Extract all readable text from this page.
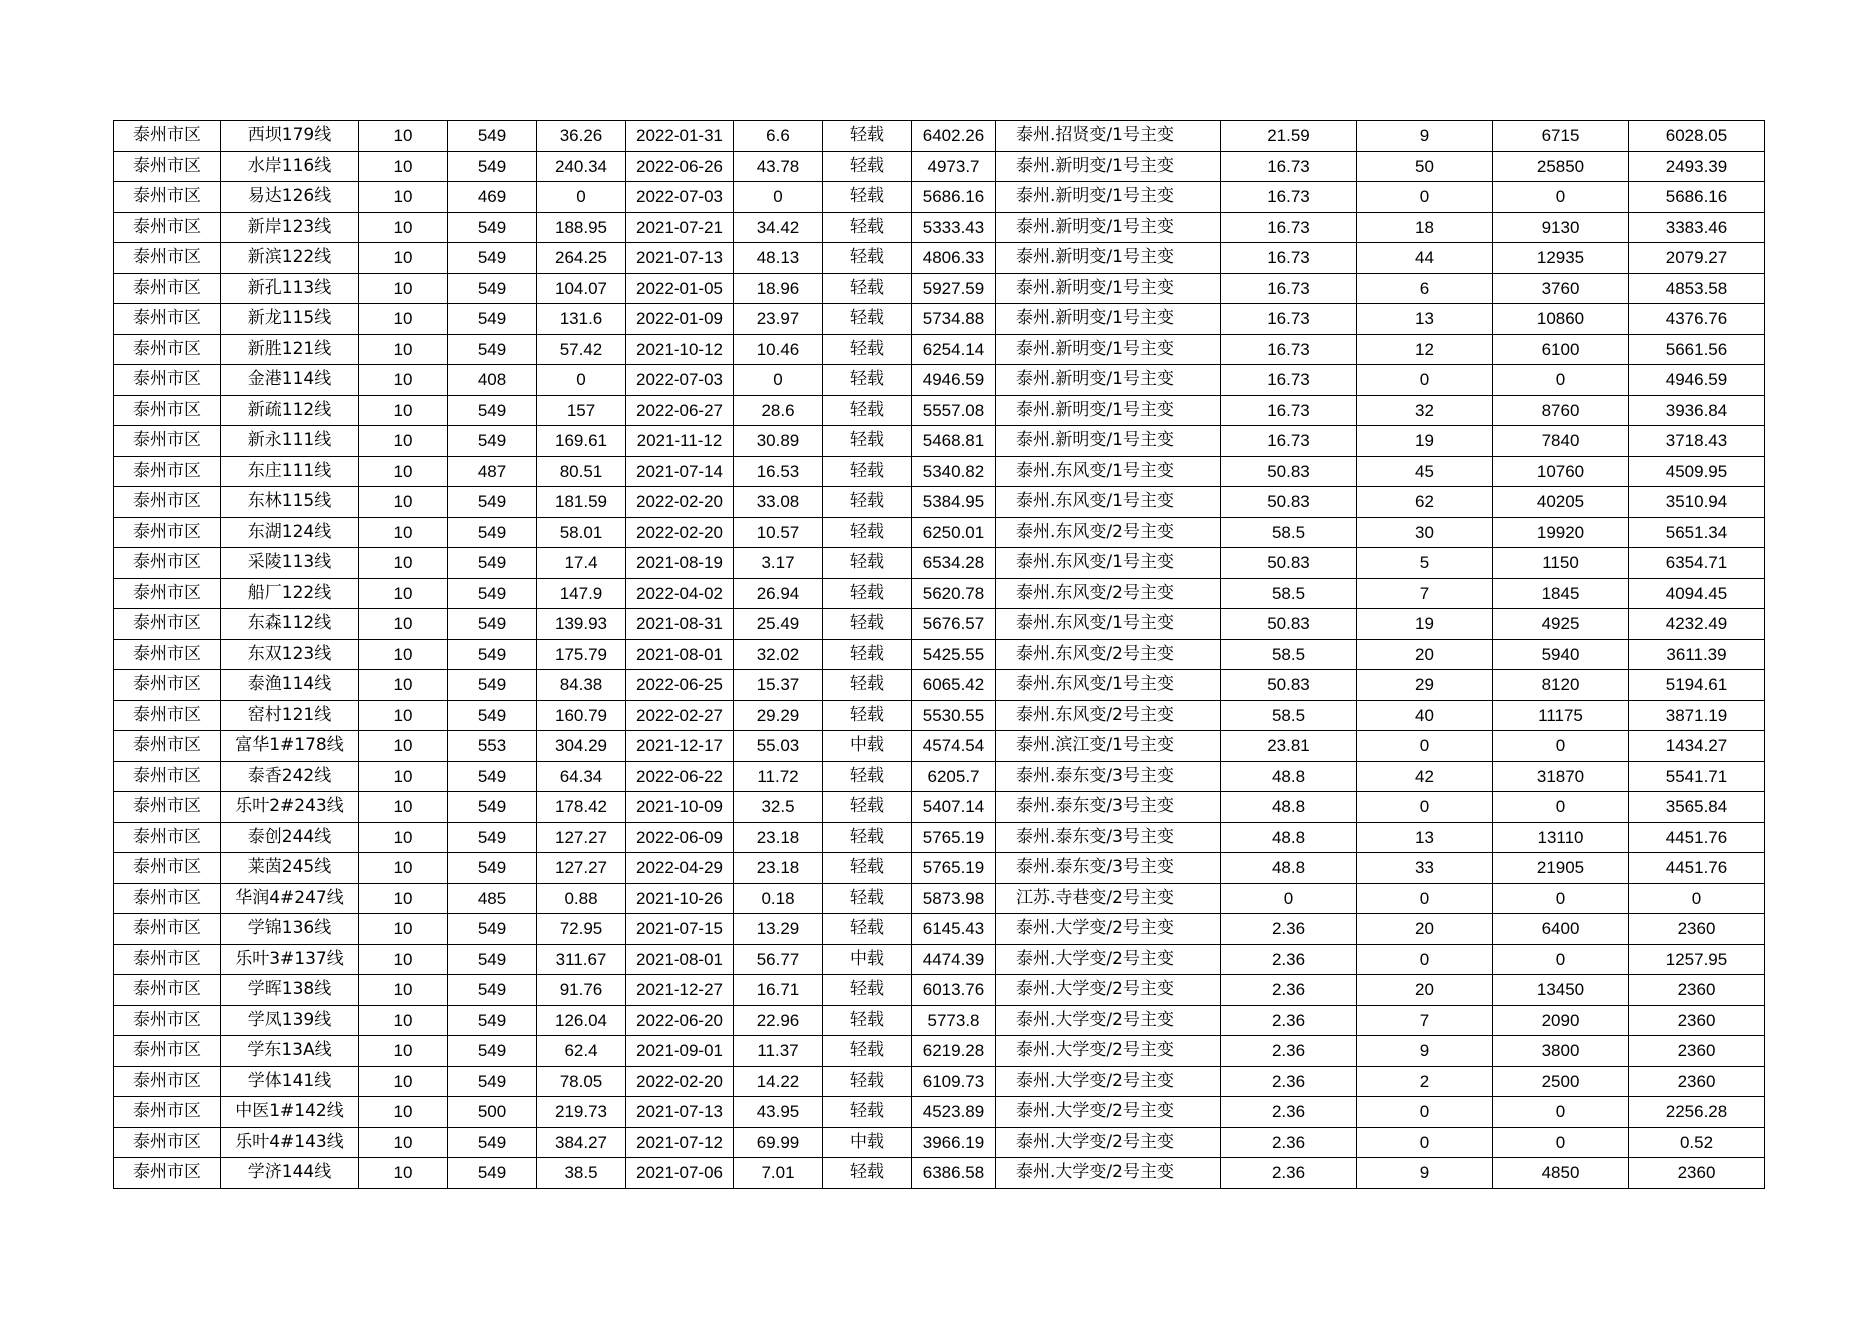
泰州市区	西坝179线	10	549	36.26	2022-01-31	6.6	轻载	6402.26	泰州.招贤变/1号主变	21.59	9	6715	6028.05
泰州市区	水岸116线	10	549	240.34	2022-06-26	43.78	轻载	4973.7	泰州.新明变/1号主变	16.73	50	25850	2493.39
泰州市区	易达126线	10	469	0	2022-07-03	0	轻载	5686.16	泰州.新明变/1号主变	16.73	0	0	5686.16
泰州市区	新岸123线	10	549	188.95	2021-07-21	34.42	轻载	5333.43	泰州.新明变/1号主变	16.73	18	9130	3383.46
泰州市区	新滨122线	10	549	264.25	2021-07-13	48.13	轻载	4806.33	泰州.新明变/1号主变	16.73	44	12935	2079.27
泰州市区	新孔113线	10	549	104.07	2022-01-05	18.96	轻载	5927.59	泰州.新明变/1号主变	16.73	6	3760	4853.58
泰州市区	新龙115线	10	549	131.6	2022-01-09	23.97	轻载	5734.88	泰州.新明变/1号主变	16.73	13	10860	4376.76
泰州市区	新胜121线	10	549	57.42	2021-10-12	10.46	轻载	6254.14	泰州.新明变/1号主变	16.73	12	6100	5661.56
泰州市区	金港114线	10	408	0	2022-07-03	0	轻载	4946.59	泰州.新明变/1号主变	16.73	0	0	4946.59
泰州市区	新疏112线	10	549	157	2022-06-27	28.6	轻载	5557.08	泰州.新明变/1号主变	16.73	32	8760	3936.84
泰州市区	新永111线	10	549	169.61	2021-11-12	30.89	轻载	5468.81	泰州.新明变/1号主变	16.73	19	7840	3718.43
泰州市区	东庄111线	10	487	80.51	2021-07-14	16.53	轻载	5340.82	泰州.东风变/1号主变	50.83	45	10760	4509.95
泰州市区	东林115线	10	549	181.59	2022-02-20	33.08	轻载	5384.95	泰州.东风变/1号主变	50.83	62	40205	3510.94
泰州市区	东湖124线	10	549	58.01	2022-02-20	10.57	轻载	6250.01	泰州.东风变/2号主变	58.5	30	19920	5651.34
泰州市区	采陵113线	10	549	17.4	2021-08-19	3.17	轻载	6534.28	泰州.东风变/1号主变	50.83	5	1150	6354.71
泰州市区	船厂122线	10	549	147.9	2022-04-02	26.94	轻载	5620.78	泰州.东风变/2号主变	58.5	7	1845	4094.45
泰州市区	东森112线	10	549	139.93	2021-08-31	25.49	轻载	5676.57	泰州.东风变/1号主变	50.83	19	4925	4232.49
泰州市区	东双123线	10	549	175.79	2021-08-01	32.02	轻载	5425.55	泰州.东风变/2号主变	58.5	20	5940	3611.39
泰州市区	泰渔114线	10	549	84.38	2022-06-25	15.37	轻载	6065.42	泰州.东风变/1号主变	50.83	29	8120	5194.61
泰州市区	窑村121线	10	549	160.79	2022-02-27	29.29	轻载	5530.55	泰州.东风变/2号主变	58.5	40	11175	3871.19
泰州市区	富华1#178线	10	553	304.29	2021-12-17	55.03	中载	4574.54	泰州.滨江变/1号主变	23.81	0	0	1434.27
泰州市区	泰香242线	10	549	64.34	2022-06-22	11.72	轻载	6205.7	泰州.泰东变/3号主变	48.8	42	31870	5541.71
泰州市区	乐叶2#243线	10	549	178.42	2021-10-09	32.5	轻载	5407.14	泰州.泰东变/3号主变	48.8	0	0	3565.84
泰州市区	泰创244线	10	549	127.27	2022-06-09	23.18	轻载	5765.19	泰州.泰东变/3号主变	48.8	13	13110	4451.76
泰州市区	莱茵245线	10	549	127.27	2022-04-29	23.18	轻载	5765.19	泰州.泰东变/3号主变	48.8	33	21905	4451.76
泰州市区	华润4#247线	10	485	0.88	2021-10-26	0.18	轻载	5873.98	江苏.寺巷变/2号主变	0	0	0	0
泰州市区	学锦136线	10	549	72.95	2021-07-15	13.29	轻载	6145.43	泰州.大学变/2号主变	2.36	20	6400	2360
泰州市区	乐叶3#137线	10	549	311.67	2021-08-01	56.77	中载	4474.39	泰州.大学变/2号主变	2.36	0	0	1257.95
泰州市区	学晖138线	10	549	91.76	2021-12-27	16.71	轻载	6013.76	泰州.大学变/2号主变	2.36	20	13450	2360
泰州市区	学凤139线	10	549	126.04	2022-06-20	22.96	轻载	5773.8	泰州.大学变/2号主变	2.36	7	2090	2360
泰州市区	学东13A线	10	549	62.4	2021-09-01	11.37	轻载	6219.28	泰州.大学变/2号主变	2.36	9	3800	2360
泰州市区	学体141线	10	549	78.05	2022-02-20	14.22	轻载	6109.73	泰州.大学变/2号主变	2.36	2	2500	2360
泰州市区	中医1#142线	10	500	219.73	2021-07-13	43.95	轻载	4523.89	泰州.大学变/2号主变	2.36	0	0	2256.28
泰州市区	乐叶4#143线	10	549	384.27	2021-07-12	69.99	中载	3966.19	泰州.大学变/2号主变	2.36	0	0	0.52
泰州市区	学济144线	10	549	38.5	2021-07-06	7.01	轻载	6386.58	泰州.大学变/2号主变	2.36	9	4850	2360
